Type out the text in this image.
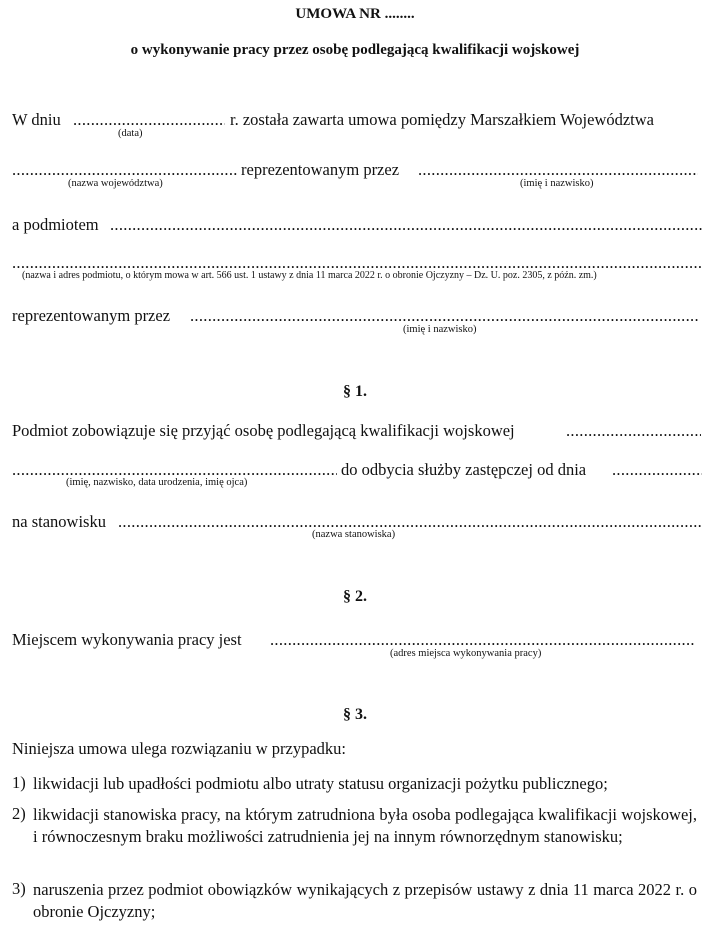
UMOWA NR ........
o wykonywanie pracy przez osobę podlegającą kwalifikacji wojskowej
W dniu
.....	r. została zawarta umowa pomiędzy Marszałkiem Województwa
(data)
.....
reprezentowanym przez
.....
(nazwa województwa)	(imię i nazwisko)
a podmiotem
.....
.....
(nazwa i adres podmiotu, o którym mowa w art. 566 ust. 1 ustawy z dnia 11 marca 2022 r. o obronie Ojczyzny – Dz. U. poz. 2305, z późn. zm.)
reprezentowanym przez
.....
(imię i nazwisko)
§ 1.
Podmiot zobowiązuje się przyjąć osobę podlegającą kwalifikacji wojskowej
.....
.....
do odbycia służby zastępczej od dnia
.....
(imię, nazwisko, data urodzenia, imię ojca)
na stanowisku
.....
(nazwa stanowiska)
§ 2.
Miejscem wykonywania pracy jest
.....
(adres miejsca wykonywania pracy)
§ 3.
Niniejsza umowa ulega rozwiązaniu w przypadku:
1) likwidacji lub upadłości podmiotu albo utraty statusu organizacji pożytku publicznego;
2) likwidacji stanowiska pracy, na którym zatrudniona była osoba podlegająca kwalifikacji wojskowej, i równoczesnym braku możliwości zatrudnienia jej na innym równorzędnym stanowisku;
3) naruszenia przez podmiot obowiązków wynikających z przepisów ustawy z dnia 11 marca 2022 r. o obronie Ojczyzny;
